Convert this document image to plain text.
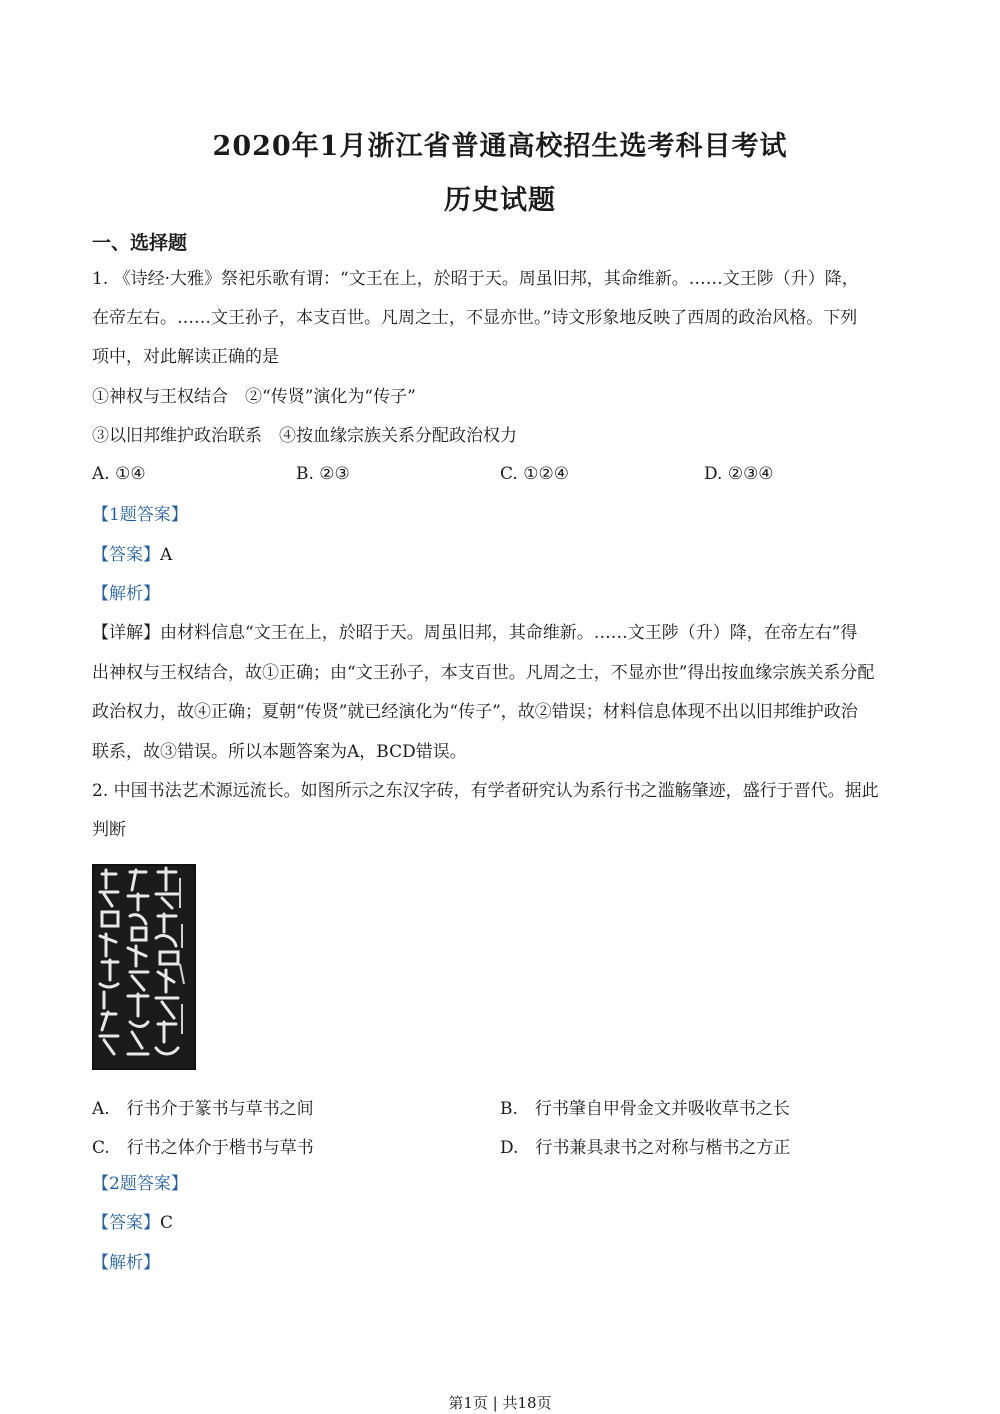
2020年1月浙江省普通高校招生选考科目考试
历史试题
一、选择题
1. 《诗经·大雅》祭祀乐歌有谓：“文王在上，於昭于天。周虽旧邦，其命维新。……文王陟（升）降，
在帝左右。……文王孙子，本支百世。凡周之士，不显亦世。”诗文形象地反映了西周的政治风格。下列
项中，对此解读正确的是
①神权与王权结合　②“传贤”演化为“传子”
③以旧邦维护政治联系　④按血缘宗族关系分配政治权力
A. ①④	B. ②③	C. ①②④	D. ②③④
【1题答案】
【答案】A
【解析】
【详解】由材料信息“文王在上，於昭于天。周虽旧邦，其命维新。……文王陟（升）降，在帝左右”得
出神权与王权结合，故①正确；由“文王孙子，本支百世。凡周之士，不显亦世”得出按血缘宗族关系分配
政治权力，故④正确；夏朝“传贤”就已经演化为“传子”，故②错误；材料信息体现不出以旧邦维护政治
联系，故③错误。所以本题答案为A，BCD错误。
2. 中国书法艺术源远流长。如图所示之东汉字砖，有学者研究认为系行书之滥觞肇迹，盛行于晋代。据此
判断
A.　行书介于篆书与草书之间	B.　行书肇自甲骨金文并吸收草书之长
C.　行书之体介于楷书与草书	D.　行书兼具隶书之对称与楷书之方正
【2题答案】
【答案】C
【解析】
第1页 | 共18页
